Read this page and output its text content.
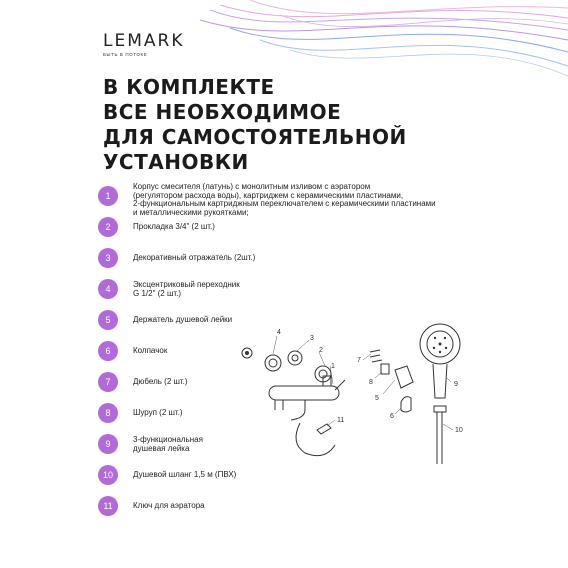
LEMARK
БЫТЬ В ПОТОКЕ
В КОМПЛЕКТЕ
ВСЕ НЕОБХОДИМОЕ
ДЛЯ САМОСТОЯТЕЛЬНОЙ
УСТАНОВКИ
1
Корпус смесителя (латунь) с монолитным изливом с аэратором
(регулятором расхода воды), картриджем с керамическими пластинами,
2-функциональным картриджным переключателем с керамическими пластинами
и металлическими рукоятками;
2	Прокладка 3/4" (2 шт.)
3	Декоративный отражатель (2шт.)
4	Эксцентриковый переходник
G 1/2" (2 шт.)
5	Держатель душевой лейки
6	Колпачок
7	Дюбель (2 шт.)
8	Шуруп (2 шт.)
9	3-функциональная
душевая лейка
10	Душевой шланг 1,5 м (ПВХ)
11	Ключ для аэратора
4
3
2
1
11
7
8
5
6
9
10
